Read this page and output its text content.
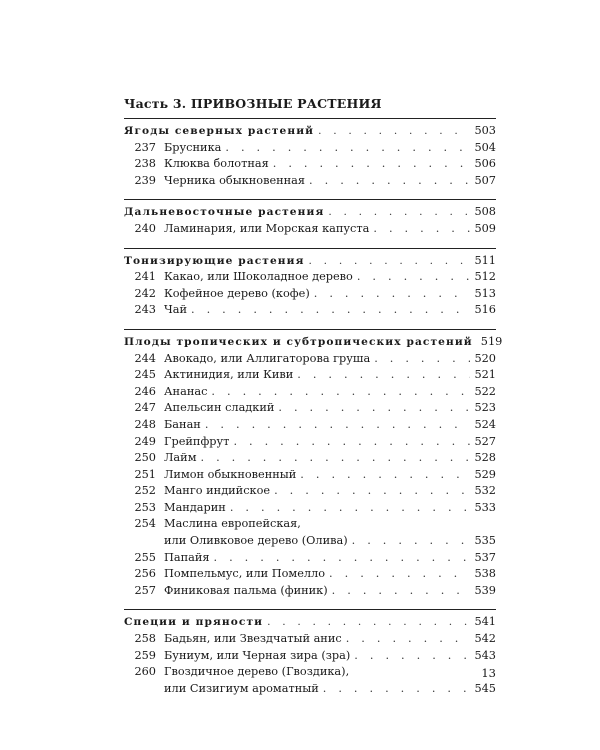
Часть 3. ПРИВОЗНЫЕ РАСТЕНИЯ
Ягоды северных растений . . .	503
237 Брусника . . .	504
238 Клюква болотная . . .	506
239 Черника обыкновенная . . .	507
Дальневосточные растения . . .	508
240 Ламинария, или Морская капуста . . .	509
Тонизирующие растения . . .	511
241 Какао, или Шоколадное дерево . . .	512
242 Кофейное дерево (кофе) . . .	513
243 Чай . . .	516
Плоды тропических и субтропических растений 519
244 Авокадо, или Аллигаторова груша . . .	520
245 Актинидия, или Киви . . .	521
246 Ананас . . .	522
247 Апельсин сладкий . . .	523
248 Банан . . .	524
249 Грейпфрут . . .	527
250 Лайм . . .	528
251 Лимон обыкновенный . . .	529
252 Манго индийское . . .	532
253 Мандарин . . .	533
254 Маслина европейская,
или Оливковое дерево (Олива) . . .	535
255 Папайя . . .	537
256 Помпельмус, или Помелло . . .	538
257 Финиковая пальма (финик) . . .	539
Специи и пряности . . .	541
258 Бадьян, или Звездчатый анис . . .	542
259 Буниум, или Черная зира (зра) . . .	543
260 Гвоздичное дерево (Гвоздика),
или Сизигиум ароматный . . .	545
13
